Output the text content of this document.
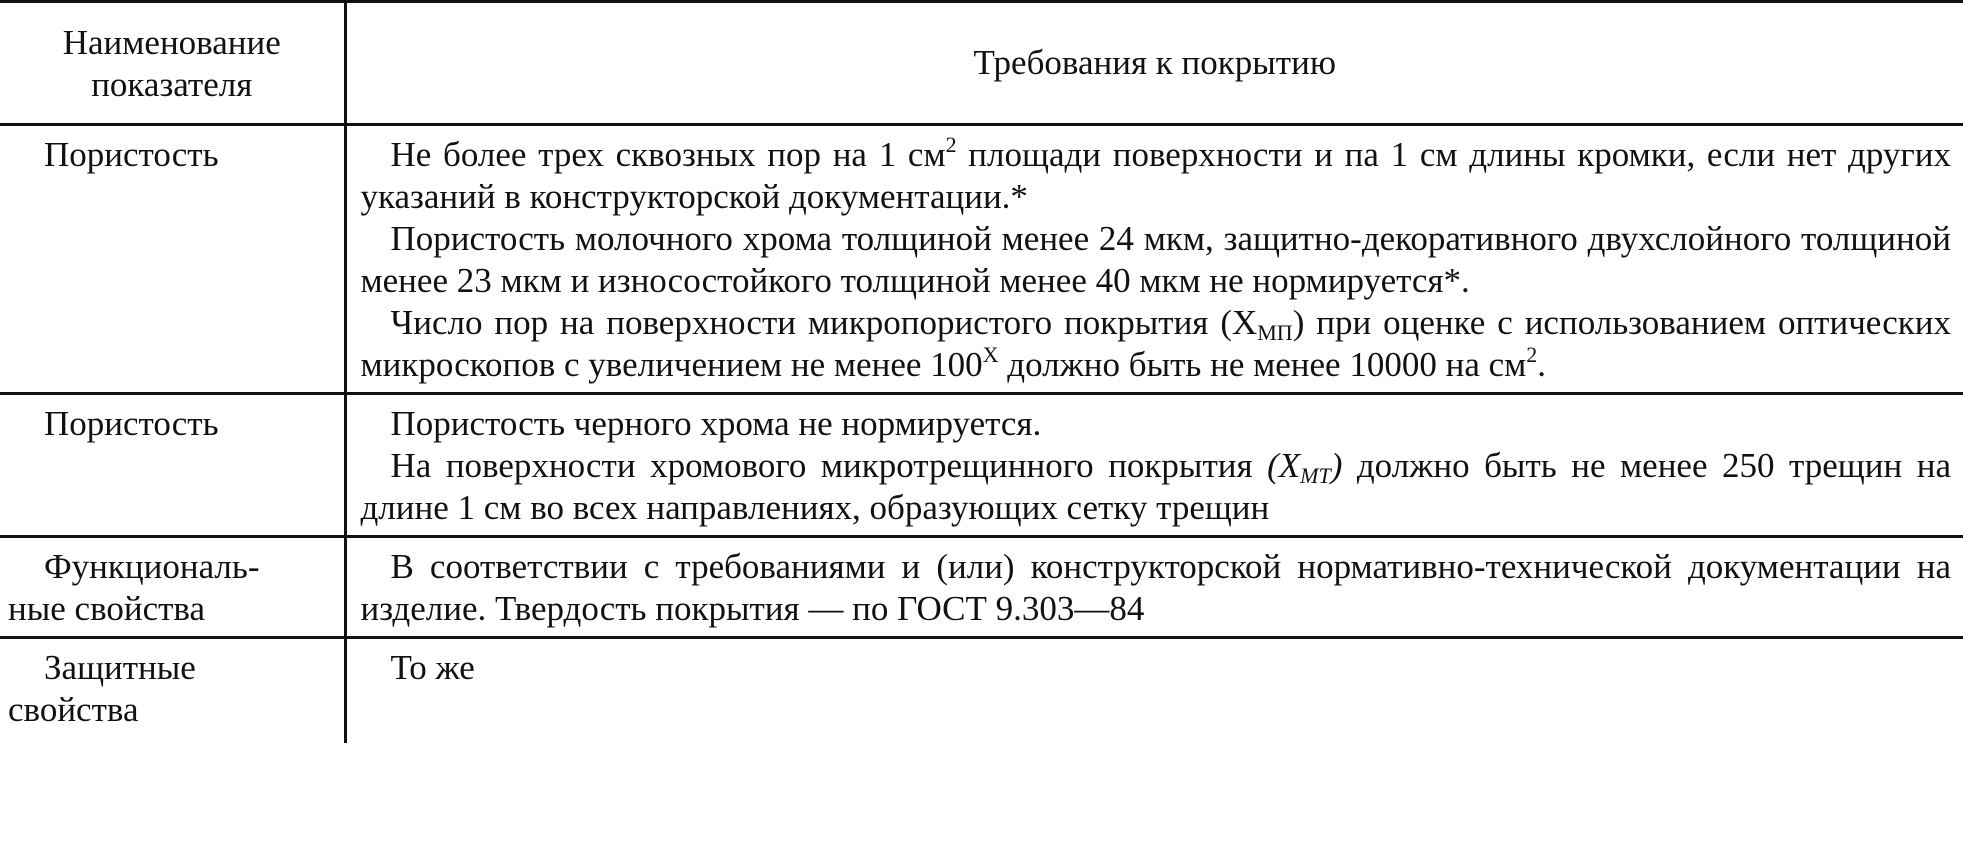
Наименование
показателя	Требования к покрытию
Пористость	Не более трех сквозных пор на 1 $см^2$ площади поверхности и па 1 см длины кромки, если нет других указаний в конструкторской документации.*

Пористость молочного хрома толщиной менее 24 мкм, защитно-декоративного двухслойного толщиной менее 23 мкм и износостойкого толщиной менее 40 мкм не нормируется*.

Число пор на поверхности микропористого покрытия $(Х_{МП})$ при оценке с использованием оптических микроскопов с увеличением не менее $100^Х$ должно быть не менее 10000 на $см^2$.

Пористость	Пористость черного хрома не нормируется.

На поверхности хромового микротрещинного покрытия $(Х_{МТ})$ должно быть не менее 250 трещин на длине 1 см во всех направлениях, образующих сетку трещин

Функциональ-
ные свойства	В соответствии с требованиями и (или) конструкторской нормативно-технической документации на изделие. Твердость покрытия — по ГОСТ 9.303—84

Защитные
свойства	То же
